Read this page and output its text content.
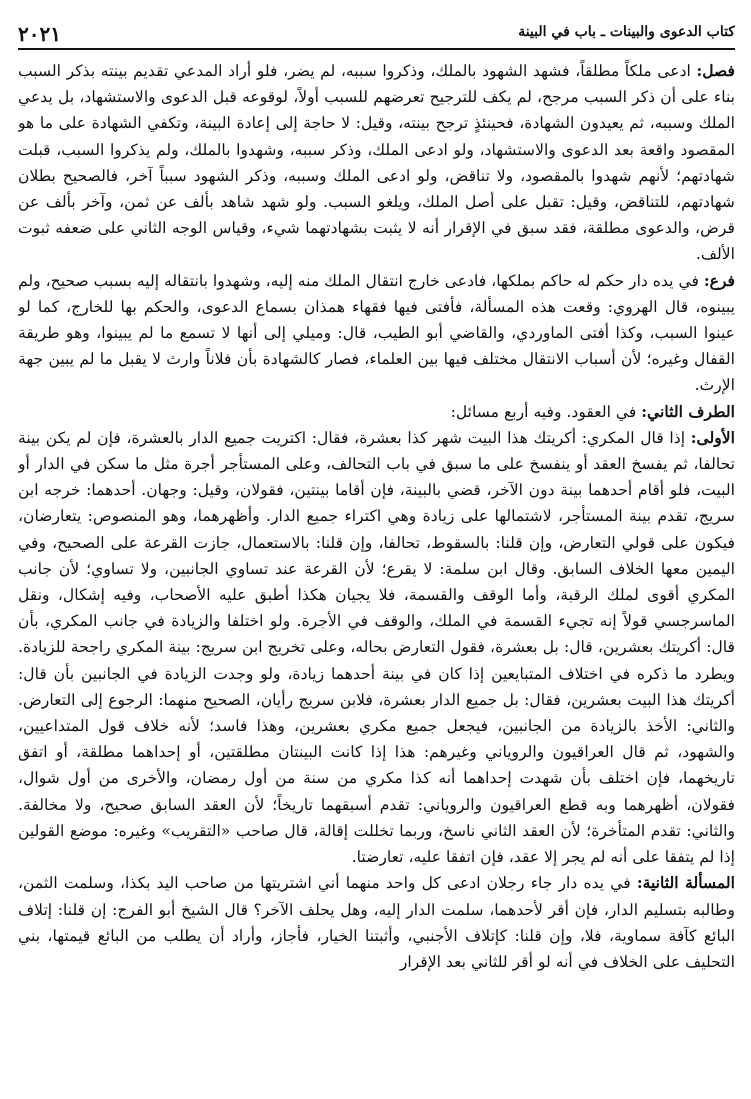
كتاب الدعوى والبينات ـ باب في البينة
٢٠٢١

فصل: ادعى ملكاً مطلقاً، فشهد الشهود بالملك، وذكروا سببه، لم يضر، فلو أراد المدعي تقديم بينته بذكر السبب بناء على أن ذكر السبب مرجح، لم يكف للترجيح تعرضهم للسبب أولاً، لوقوعه قبل الدعوى والاستشهاد، بل يدعي الملك وسببه، ثم يعيدون الشهادة، فحينئذٍ ترجح بينته، وقيل: لا حاجة إلى إعادة البينة، وتكفي الشهادة على ما هو المقصود واقعة بعد الدعوى والاستشهاد، ولو ادعى الملك، وذكر سببه، وشهدوا بالملك، ولم يذكروا السبب، قبلت شهادتهم؛ لأنهم شهدوا بالمقصود، ولا تناقض، ولو ادعى الملك وسببه، وذكر الشهود سبباً آخر، فالصحيح بطلان شهادتهم، للتناقض، وقيل: تقبل على أصل الملك، ويلغو السبب. ولو شهد شاهد بألف عن ثمن، وآخر بألف عن قرض، والدعوى مطلقة، فقد سبق في الإقرار أنه لا يثبت بشهادتهما شيء، وقياس الوجه الثاني على ضعفه ثبوت الألف.

فرع: في يده دار حكم له حاكم بملكها، فادعى خارج انتقال الملك منه إليه، وشهدوا بانتقاله إليه بسبب صحيح، ولم يبينوه، قال الهروي: وقعت هذه المسألة، فأفتى فيها فقهاء همذان بسماع الدعوى، والحكم بها للخارج، كما لو عينوا السبب، وكذا أفتى الماوردي، والقاضي أبو الطيب، قال: وميلي إلى أنها لا تسمع ما لم يبينوا، وهو طريقة القفال وغيره؛ لأن أسباب الانتقال مختلف فيها بين العلماء، فصار كالشهادة بأن فلاناً وارث لا يقبل ما لم يبين جهة الإرث.

الطرف الثاني: في العقود. وفيه أربع مسائل:

الأولى: إذا قال المكري: أكريتك هذا البيت شهر كذا بعشرة، فقال: اكتريت جميع الدار بالعشرة، فإن لم يكن بينة تحالفا، ثم يفسخ العقد أو ينفسخ على ما سبق في باب التحالف، وعلى المستأجر أجرة مثل ما سكن في الدار أو البيت، فلو أقام أحدهما بينة دون الآخر، قضي بالبينة، فإن أقاما بينتين، فقولان، وقيل: وجهان. أحدهما: خرجه ابن سريج، تقدم بينة المستأجر، لاشتمالها على زيادة وهي اكتراء جميع الدار. وأظهرهما، وهو المنصوص: يتعارضان، فيكون على قولي التعارض، وإن قلنا: بالسقوط، تحالفا، وإن قلنا: بالاستعمال، جازت القرعة على الصحيح، وفي اليمين معها الخلاف السابق. وقال ابن سلمة: لا يقرع؛ لأن القرعة عند تساوي الجانبين، ولا تساوي؛ لأن جانب المكري أقوى لملك الرقبة، وأما الوقف والقسمة، فلا يجيان هكذا أطبق عليه الأصحاب، وفيه إشكال، ونقل الماسرجسي قولاً إنه تجيء القسمة في الملك، والوقف في الأجرة. ولو اختلفا والزيادة في جانب المكري، بأن قال: أكريتك بعشرين، قال: بل بعشرة، فقول التعارض بحاله، وعلى تخريج ابن سريج: بينة المكري راجحة للزيادة. ويطرد ما ذكره في اختلاف المتبايعين إذا كان في بينة أحدهما زيادة، ولو وجدت الزيادة في الجانبين بأن قال: أكريتك هذا البيت بعشرين، فقال: بل جميع الدار بعشرة، فلابن سريج رأيان، الصحيح منهما: الرجوع إلى التعارض. والثاني: الأخذ بالزيادة من الجانبين، فيجعل جميع مكري بعشرين، وهذا فاسد؛ لأنه خلاف قول المتداعيين، والشهود، ثم قال العراقيون والروياني وغيرهم: هذا إذا كانت البينتان مطلقتين، أو إحداهما مطلقة، أو اتفق تاريخهما، فإن اختلف بأن شهدت إحداهما أنه كذا مكري من سنة من أول رمضان، والأخرى من أول شوال، فقولان، أظهرهما وبه قطع العراقيون والروياني: تقدم أسبقهما تاريخاً؛ لأن العقد السابق صحيح، ولا مخالفة. والثاني: تقدم المتأخرة؛ لأن العقد الثاني ناسخ، وربما تخللت إقالة، قال صاحب «التقريب» وغيره: موضع القولين إذا لم يتفقا على أنه لم يجر إلا عقد، فإن اتفقا عليه، تعارضتا.

المسألة الثانية: في يده دار جاء رجلان ادعى كل واحد منهما أني اشتريتها من صاحب اليد بكذا، وسلمت الثمن، وطالبه بتسليم الدار، فإن أقر لأحدهما، سلمت الدار إليه، وهل يحلف الآخر؟ قال الشيخ أبو الفرج: إن قلنا: إتلاف البائع كآفة سماوية، فلا، وإن قلنا: كإتلاف الأجنبي، وأثبتنا الخيار، فأجاز، وأراد أن يطلب من البائع قيمتها، بني التحليف على الخلاف في أنه لو أقر للثاني بعد الإقرار
